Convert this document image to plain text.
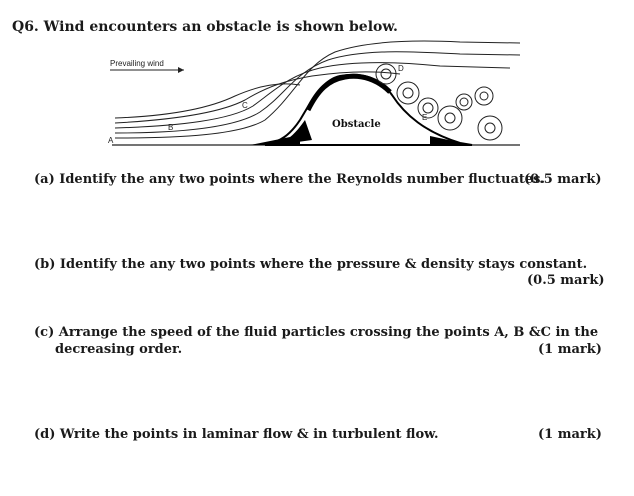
Q6. Wind encounters an obstacle is shown below.
Prevailing wind
Obstacle
A
B
C
D
E
(a) Identify the any two points where the Reynolds number fluctuates.
(0.5 mark)
(b) Identify the any two points where the pressure & density stays constant.
(0.5 mark)
(c) Arrange the speed of the fluid particles crossing the points A, B &C in the
decreasing order.	(1 mark)
(d) Write the points in laminar flow & in turbulent flow.	(1 mark)
